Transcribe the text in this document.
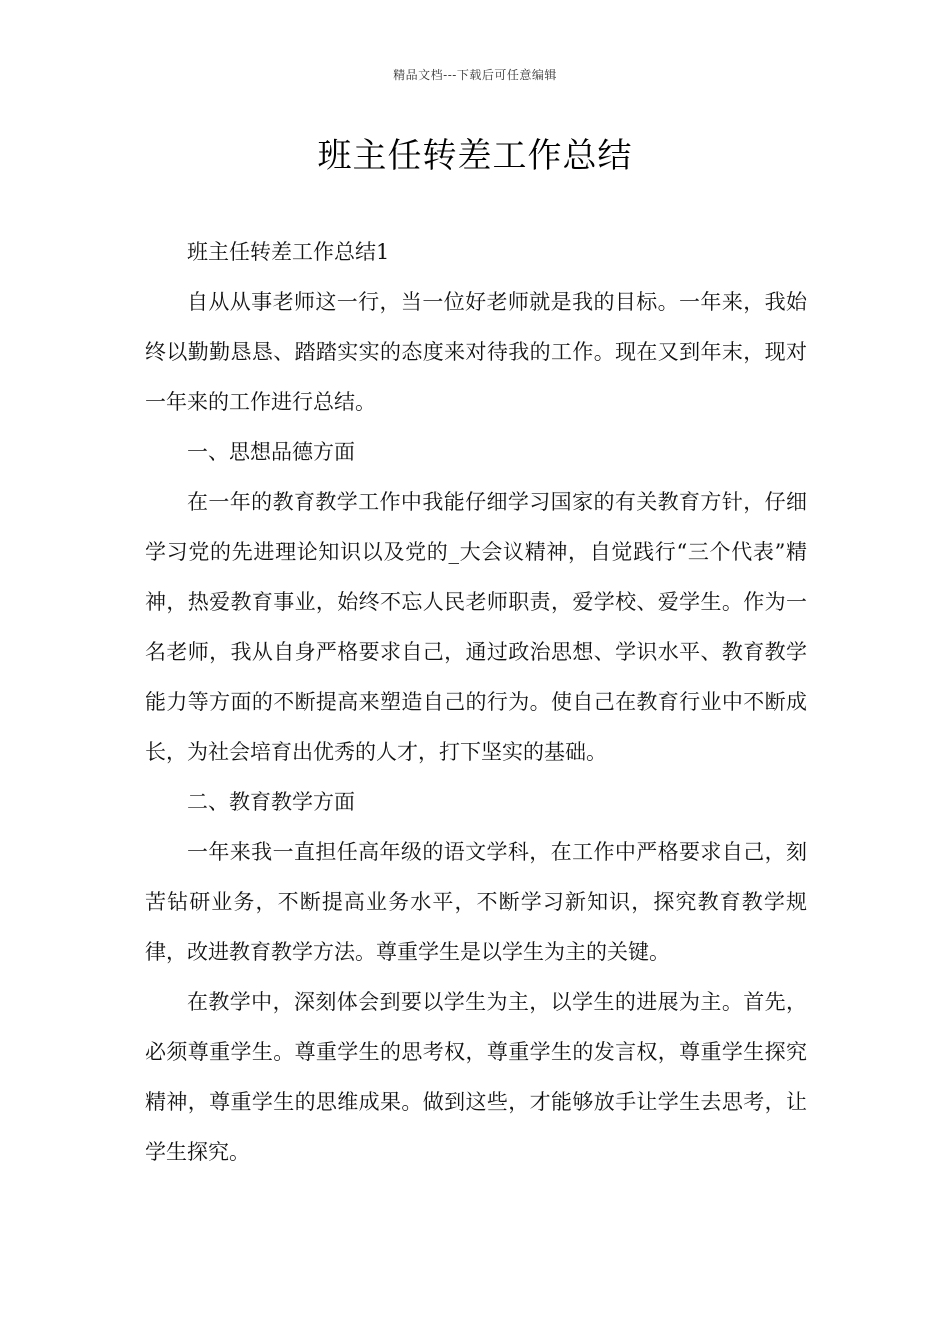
精品文档---下载后可任意编辑
班主任转差工作总结

班主任转差工作总结1

自从从事老师这一行，当一位好老师就是我的目标。一年来，我始终以勤勤恳恳、踏踏实实的态度来对待我的工作。现在又到年末，现对一年来的工作进行总结。

一、思想品德方面

在一年的教育教学工作中我能仔细学习国家的有关教育方针，仔细学习党的先进理论知识以及党的_大会议精神，自觉践行“三个代表”精神，热爱教育事业，始终不忘人民老师职责，爱学校、爱学生。作为一名老师，我从自身严格要求自己，通过政治思想、学识水平、教育教学能力等方面的不断提高来塑造自己的行为。使自己在教育行业中不断成长，为社会培育出优秀的人才，打下坚实的基础。

二、教育教学方面

一年来我一直担任高年级的语文学科，在工作中严格要求自己，刻苦钻研业务，不断提高业务水平，不断学习新知识，探究教育教学规律，改进教育教学方法。尊重学生是以学生为主的关键。

在教学中，深刻体会到要以学生为主，以学生的进展为主。首先，必须尊重学生。尊重学生的思考权，尊重学生的发言权，尊重学生探究精神，尊重学生的思维成果。做到这些，才能够放手让学生去思考，让学生探究。
